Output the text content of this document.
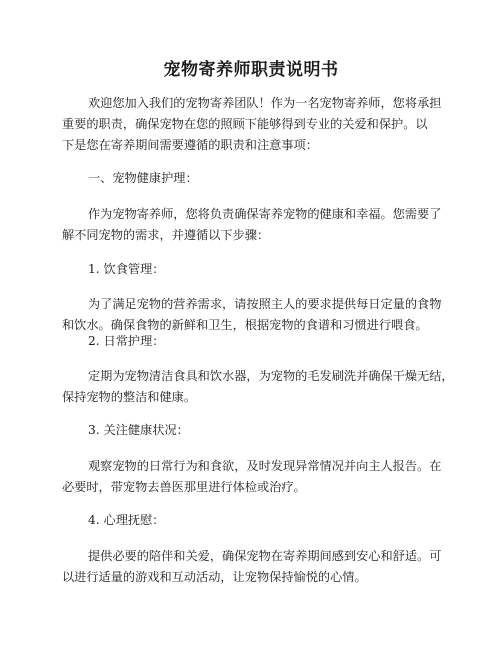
宠物寄养师职责说明书
欢迎您加入我们的宠物寄养团队！作为一名宠物寄养师，您将承担
重要的职责，确保宠物在您的照顾下能够得到专业的关爱和保护。以
下是您在寄养期间需要遵循的职责和注意事项：
一、宠物健康护理：
作为宠物寄养师，您将负责确保寄养宠物的健康和幸福。您需要了
解不同宠物的需求，并遵循以下步骤：
1. 饮食管理：
为了满足宠物的营养需求，请按照主人的要求提供每日定量的食物
和饮水。确保食物的新鲜和卫生，根据宠物的食谱和习惯进行喂食。
2. 日常护理：
定期为宠物清洁食具和饮水器，为宠物的毛发刷洗并确保干燥无结，
保持宠物的整洁和健康。
3. 关注健康状况：
观察宠物的日常行为和食欲，及时发现异常情况并向主人报告。在
必要时，带宠物去兽医那里进行体检或治疗。
4. 心理抚慰：
提供必要的陪伴和关爱，确保宠物在寄养期间感到安心和舒适。可
以进行适量的游戏和互动活动，让宠物保持愉悦的心情。
